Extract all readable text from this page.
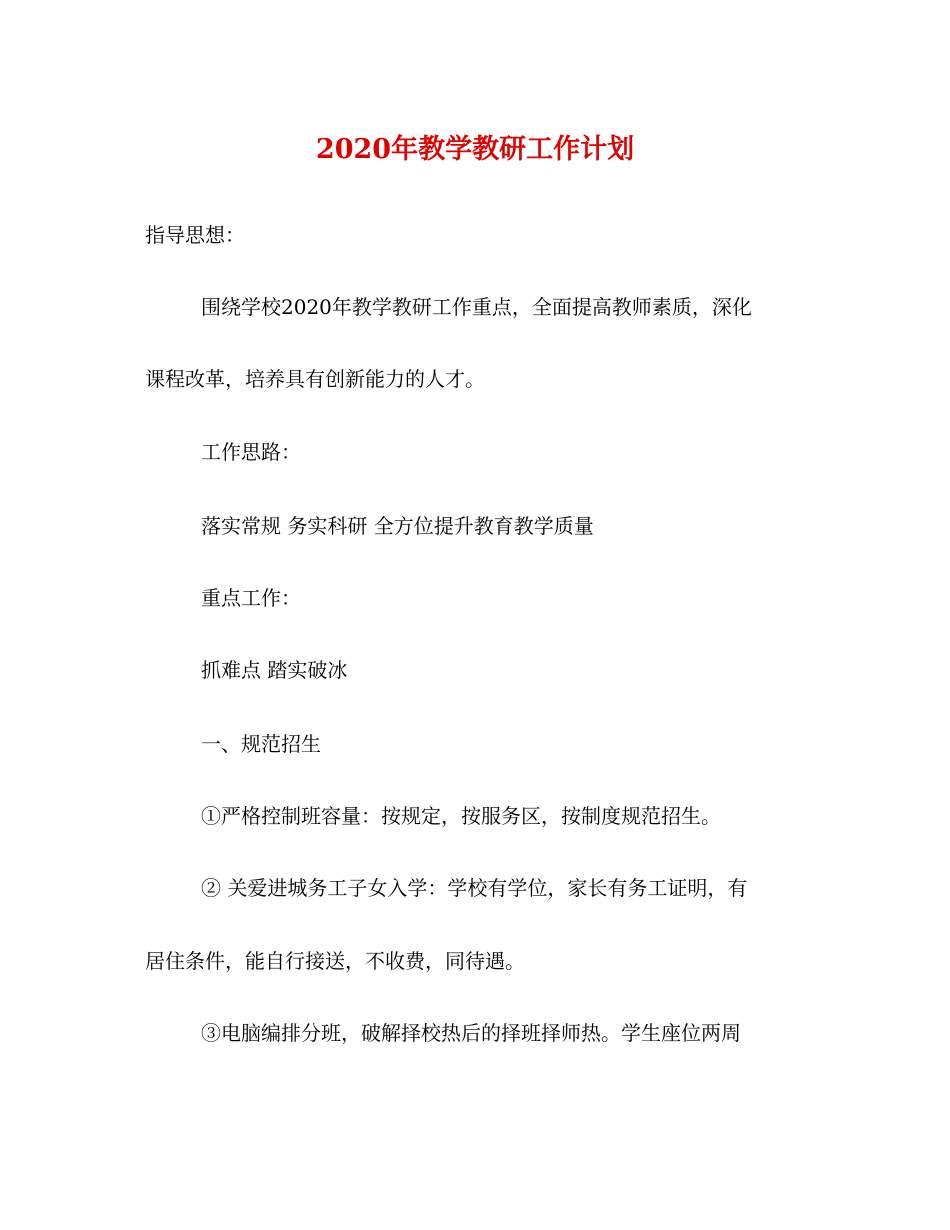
2020年教学教研工作计划
指导思想：
围绕学校2020年教学教研工作重点，全面提高教师素质，深化
课程改革，培养具有创新能力的人才。
工作思路：
落实常规 务实科研 全方位提升教育教学质量
重点工作：
抓难点 踏实破冰
一、规范招生
①严格控制班容量：按规定，按服务区，按制度规范招生。
② 关爱进城务工子女入学：学校有学位，家长有务工证明，有
居住条件，能自行接送，不收费，同待遇。
③电脑编排分班，破解择校热后的择班择师热。学生座位两周
